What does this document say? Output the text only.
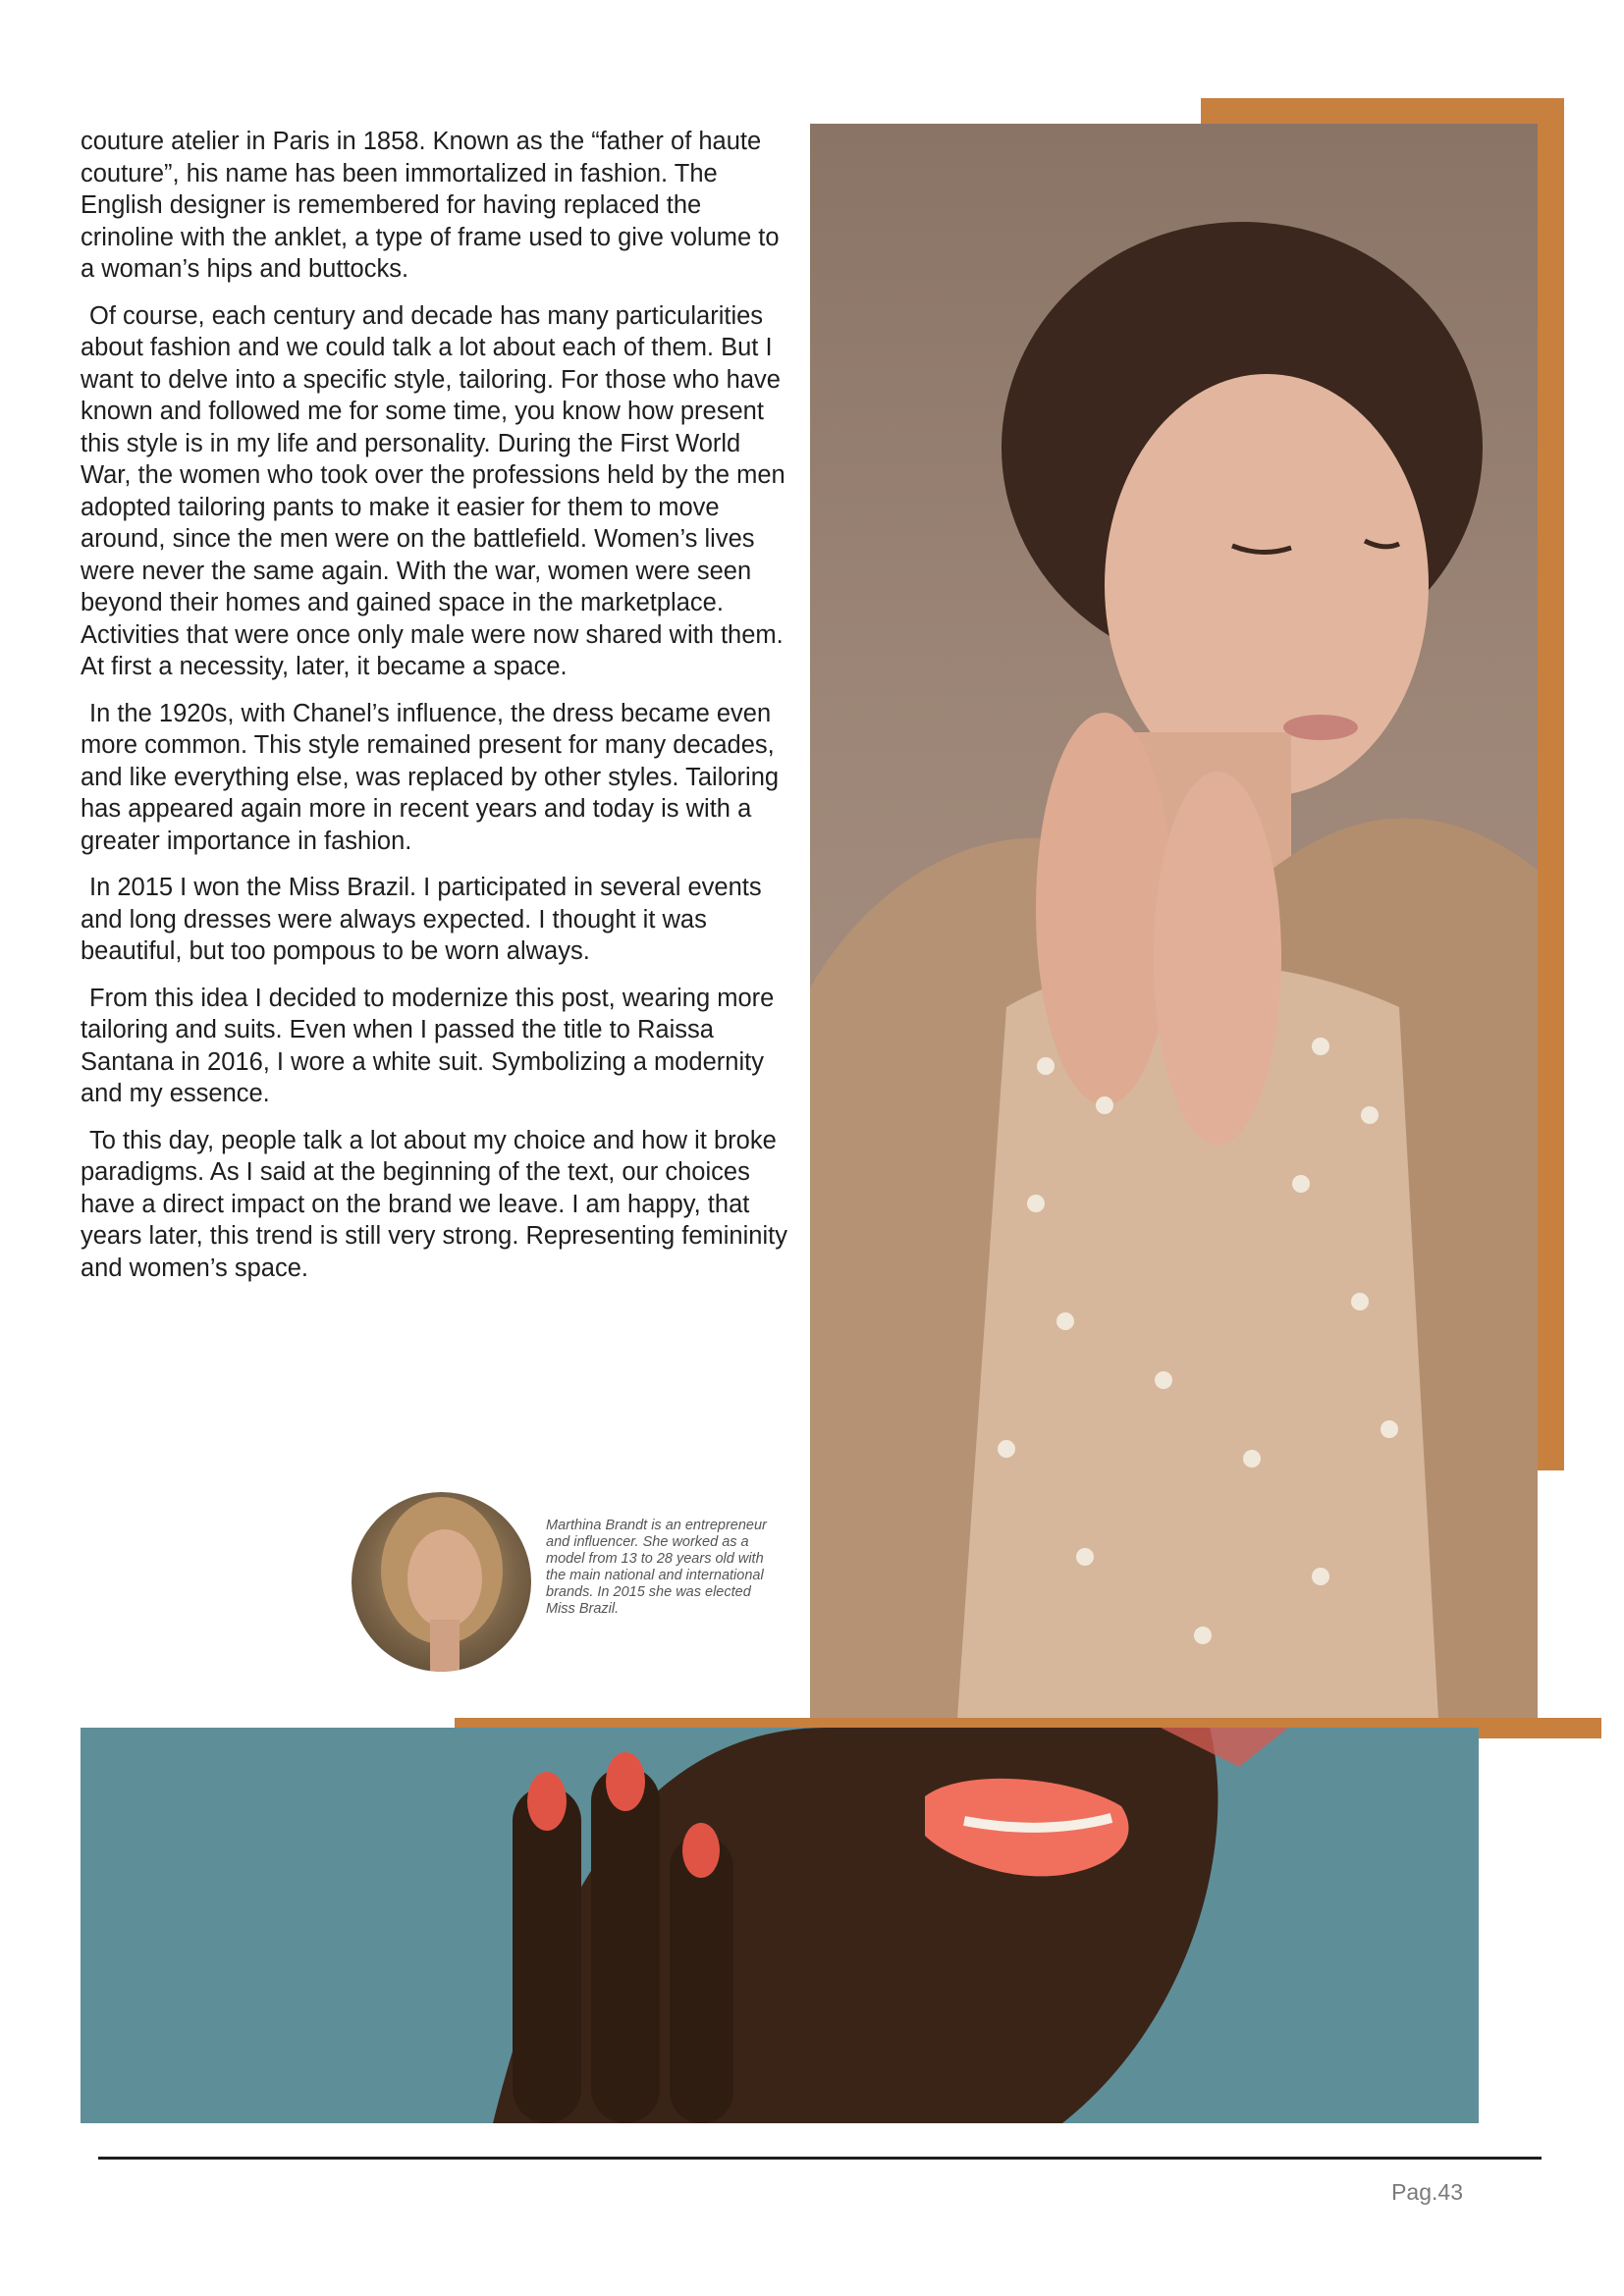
couture atelier in Paris in 1858. Known as the “father of haute couture”, his name has been immortalized in fashion. The English designer is remembered for having replaced the crinoline with the anklet, a type of frame used to give volume to a woman’s hips and buttocks.

Of course, each century and decade has many particularities about fashion and we could talk a lot about each of them. But I want to delve into a specific style, tailoring. For those who have known and followed me for some time, you know how present this style is in my life and personality. During the First World War, the women who took over the professions held by the men adopted tailoring pants to make it easier for them to move around, since the men were on the battlefield. Women’s lives were never the same again. With the war, women were seen beyond their homes and gained space in the marketplace. Activities that were once only male were now shared with them. At first a necessity, later, it became a space.

In the 1920s, with Chanel’s influence, the dress became even more common. This style remained present for many decades, and like everything else, was replaced by other styles. Tailoring has appeared again more in recent years and today is with a greater importance in fashion.

In 2015 I won the Miss Brazil. I participated in several events and long dresses were always expected. I thought it was beautiful, but too pompous to be worn always.

From this idea I decided to modernize this post, wearing more tailoring and suits. Even when I passed the title to Raissa Santana in 2016, I wore a white suit. Symbolizing a modernity and my essence.

To this day, people talk a lot about my choice and how it broke paradigms. As I said at the beginning of the text, our choices have a direct impact on the brand we leave. I am happy, that years later, this trend is still very strong. Representing femininity and women’s space.

Marthina Brandt is an entrepreneur and influencer. She worked as a model from 13 to 28 years old with the main national and international brands. In 2015 she was elected Miss Brazil.
Pag.43
